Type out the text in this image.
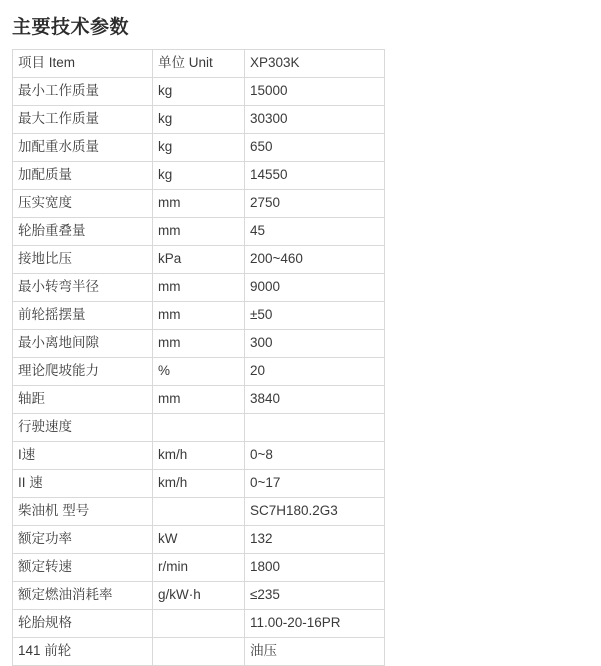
主要技术参数
项目 Item	单位 Unit	XP303K
最小工作质量	kg	15000
最大工作质量	kg	30300
加配重水质量	kg	650
加配质量	kg	14550
压实宽度	mm	2750
轮胎重叠量	mm	45
接地比压	kPa	200~460
最小转弯半径	mm	9000
前轮摇摆量	mm	±50
最小离地间隙	mm	300
理论爬坡能力	%	20
轴距	mm	3840
行驶速度		
I速	km/h	0~8
II 速	km/h	0~17
柴油机 型号		SC7H180.2G3
额定功率	kW	132
额定转速	r/min	1800
额定燃油消耗率	g/kW·h	≤235
轮胎规格		11.00-20-16PR
141 前轮		油压
